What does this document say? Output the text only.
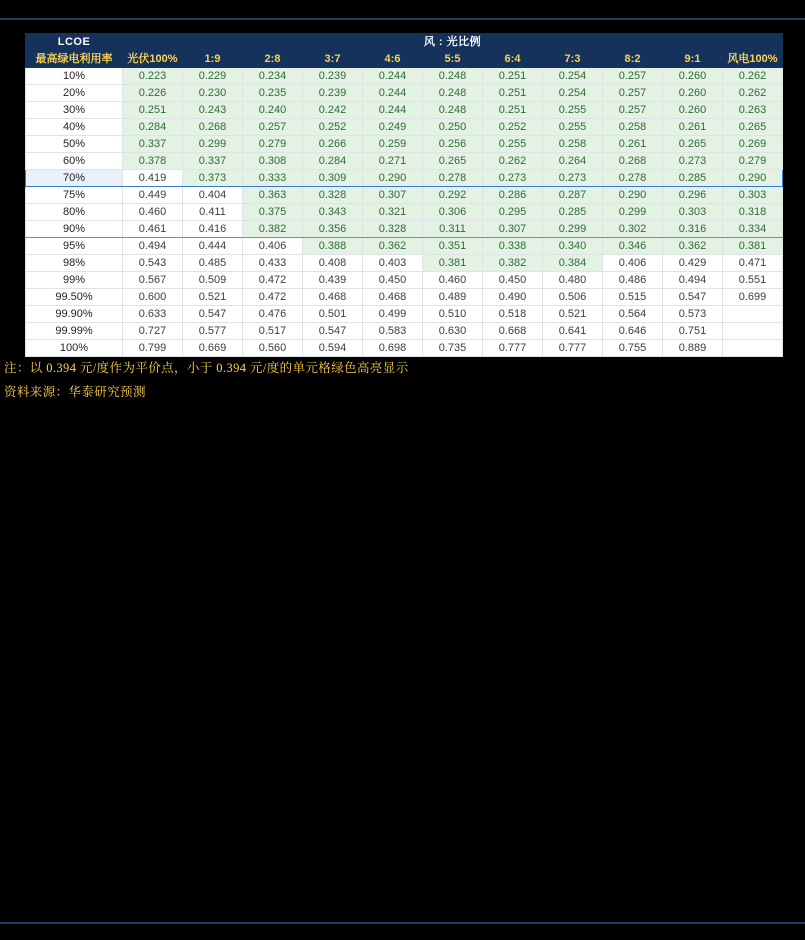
LCOE	风 : 光比例										
最高绿电利用率	光伏100%	1:9	2:8	3:7	4:6	5:5	6:4	7:3	8:2	9:1	风电100%
10%	0.223	0.229	0.234	0.239	0.244	0.248	0.251	0.254	0.257	0.260	0.262
20%	0.226	0.230	0.235	0.239	0.244	0.248	0.251	0.254	0.257	0.260	0.262
30%	0.251	0.243	0.240	0.242	0.244	0.248	0.251	0.255	0.257	0.260	0.263
40%	0.284	0.268	0.257	0.252	0.249	0.250	0.252	0.255	0.258	0.261	0.265
50%	0.337	0.299	0.279	0.266	0.259	0.256	0.255	0.258	0.261	0.265	0.269
60%	0.378	0.337	0.308	0.284	0.271	0.265	0.262	0.264	0.268	0.273	0.279
70%	0.419	0.373	0.333	0.309	0.290	0.278	0.273	0.273	0.278	0.285	0.290
75%	0.449	0.404	0.363	0.328	0.307	0.292	0.286	0.287	0.290	0.296	0.303
80%	0.460	0.411	0.375	0.343	0.321	0.306	0.295	0.285	0.299	0.303	0.318
90%	0.461	0.416	0.382	0.356	0.328	0.311	0.307	0.299	0.302	0.316	0.334
95%	0.494	0.444	0.406	0.388	0.362	0.351	0.338	0.340	0.346	0.362	0.381
98%	0.543	0.485	0.433	0.408	0.403	0.381	0.382	0.384	0.406	0.429	0.471
99%	0.567	0.509	0.472	0.439	0.450	0.460	0.450	0.480	0.486	0.494	0.551
99.50%	0.600	0.521	0.472	0.468	0.468	0.489	0.490	0.506	0.515	0.547	0.699
99.90%	0.633	0.547	0.476	0.501	0.499	0.510	0.518	0.521	0.564	0.573	
99.99%	0.727	0.577	0.517	0.547	0.583	0.630	0.668	0.641	0.646	0.751	
100%	0.799	0.669	0.560	0.594	0.698	0.735	0.777	0.777	0.755	0.889	
注：以 0.394 元/度作为平价点，小于 0.394 元/度的单元格绿色高亮显示
资料来源：华泰研究预测
